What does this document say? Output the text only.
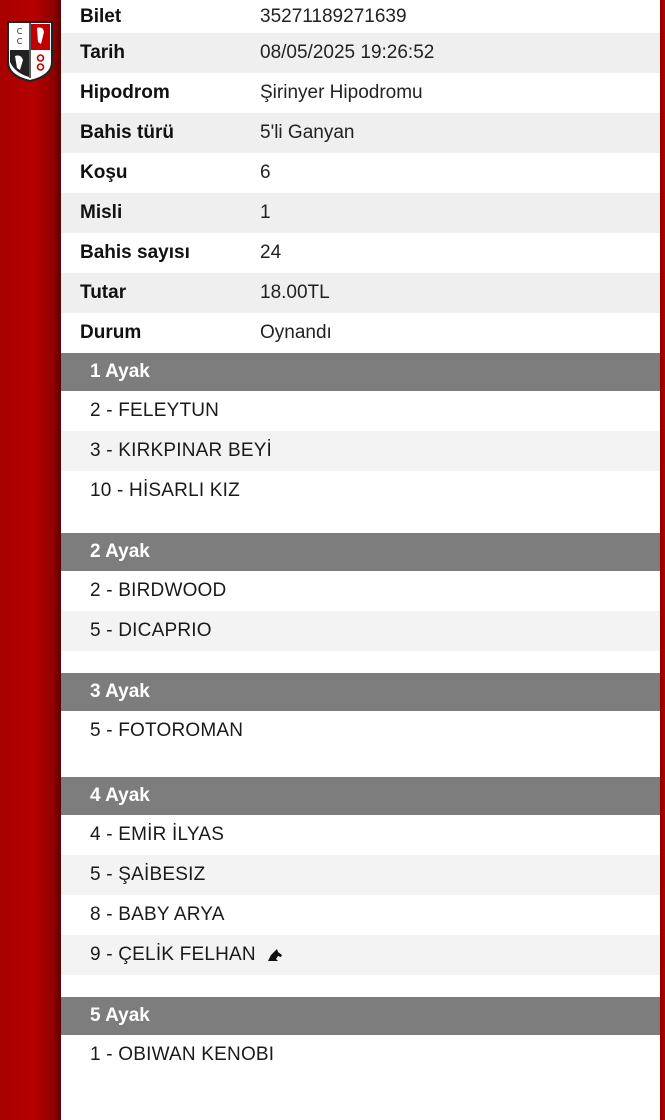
C
C
Bilet	35271189271639
Tarih	08/05/2025 19:26:52
Hipodrom	Şirinyer Hipodromu
Bahis türü	5'li Ganyan
Koşu	6
Misli	1
Bahis sayısı	24
Tutar	18.00TL
Durum	Oynandı
1 Ayak
2 - FELEYTUN
3 - KIRKPINAR BEYİ
10 - HİSARLI KIZ
2 Ayak
2 - BIRDWOOD
5 - DICAPRIO
3 Ayak
5 - FOTOROMAN
4 Ayak
4 - EMİR İLYAS
5 - ŞAİBESIZ
8 - BABY ARYA
9 - ÇELİK FELHAN
5 Ayak
1 - OBIWAN KENOBI
